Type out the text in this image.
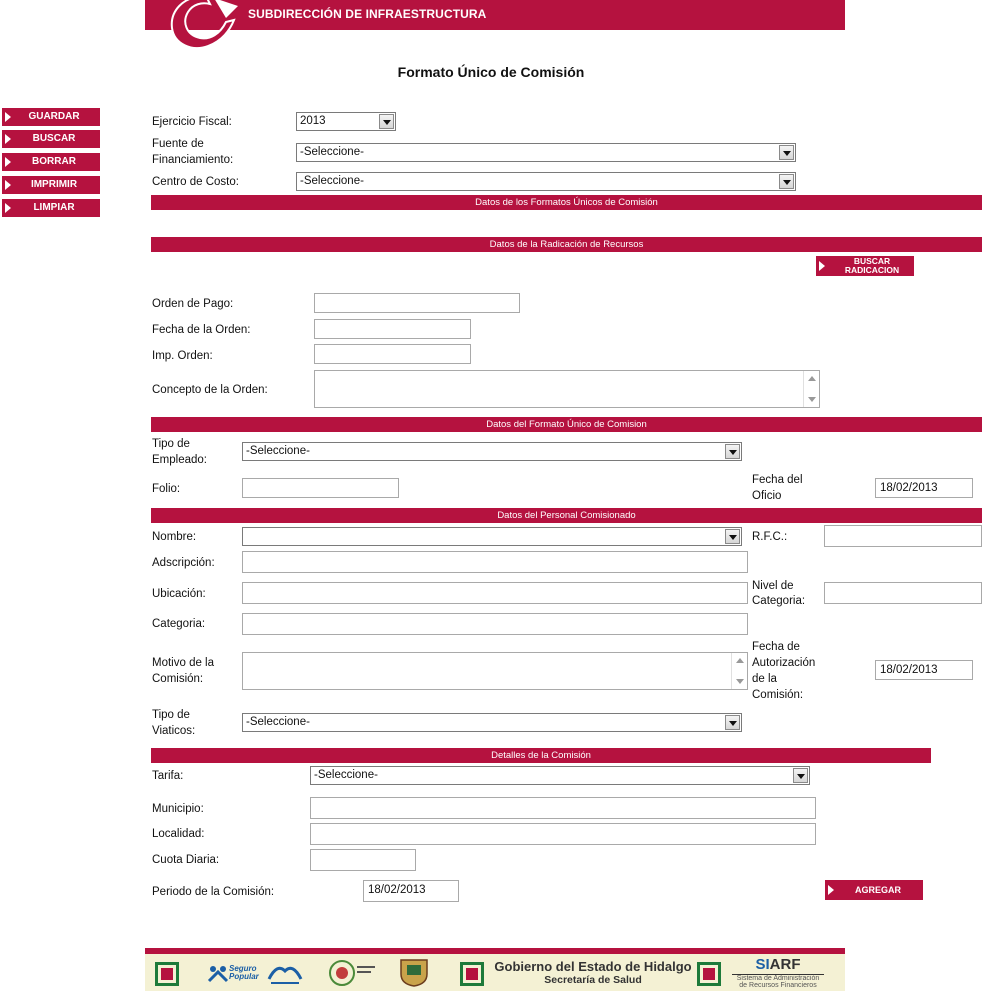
SUBDIRECCIÓN DE INFRAESTRUCTURA
Formato Único de Comisión
GUARDAR
BUSCAR
BORRAR
IMPRIMIR
LIMPIAR
Ejercicio Fiscal:	2013
Fuente de
Financiamiento:
-Seleccione-
Centro de Costo:	-Seleccione-
Datos de los Formatos Únicos de Comisión
Datos de la Radicación de Recursos
BUSCAR
RADICACION
Orden de Pago:
Fecha de la Orden:
Imp. Orden:
Concepto de la Orden:
Datos del Formato Único de Comision
Tipo de
Empleado:
-Seleccione-
Folio:
Fecha del
Oficio
18/02/2013
Datos del Personal Comisionado
Nombre:	R.F.C.:
Adscripción:
Ubicación:
Nivel de
Categoria:
Categoria:
Motivo de la
Comisión:
Fecha de
Autorización
de la
Comisión:
18/02/2013
Tipo de
Viaticos:
-Seleccione-
Detalles de la Comisión
Tarifa:	-Seleccione-
Municipio:
Localidad:
Cuota Diaria:
Periodo de la Comisión:	18/02/2013	AGREGAR
Seguro
Popular
Gobierno del Estado de Hidalgo
Secretaría de Salud
SIARF
Sistema de Administración
de Recursos Financieros
